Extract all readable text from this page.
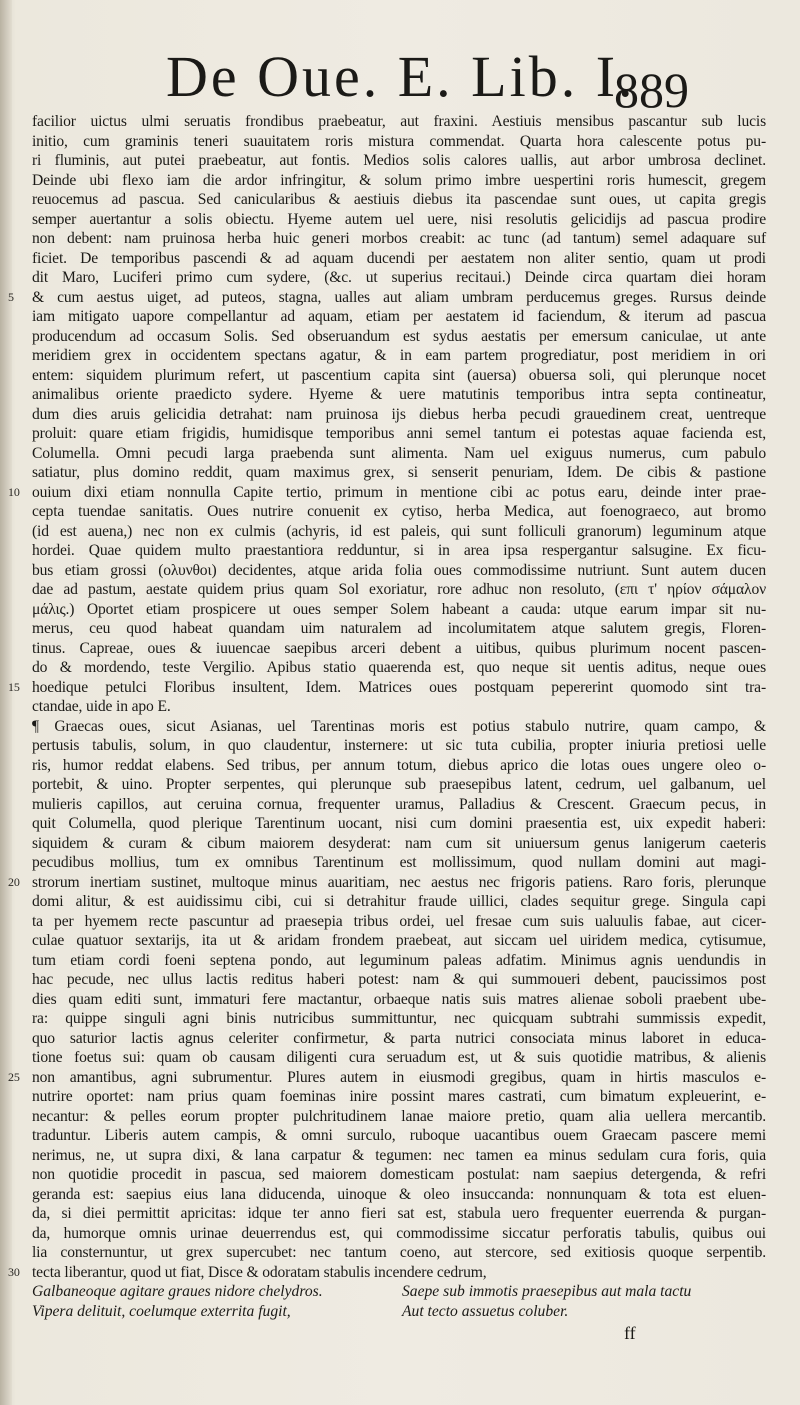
De Oue. E. Lib. I.
889
facilior uictus ulmi seruatis frondibus praebeatur, aut fraxini. Aestiuis mensibus pascantur sub lucis
initio, cum graminis teneri suauitatem roris mistura commendat. Quarta hora calescente potus pu-
ri fluminis, aut putei praebeatur, aut fontis. Medios solis calores uallis, aut arbor umbrosa declinet.
Deinde ubi flexo iam die ardor infringitur, & solum primo imbre uespertini roris humescit, gregem
reuocemus ad pascua. Sed canicularibus & aestiuis diebus ita pascendae sunt oues, ut capita gregis
semper auertantur a solis obiectu. Hyeme autem uel uere, nisi resolutis gelicidijs ad pascua prodire
non debent: nam pruinosa herba huic generi morbos creabit: ac tunc (ad tantum) semel adaquare suf
ficiet. De temporibus pascendi & ad aquam ducendi per aestatem non aliter sentio, quam ut prodi
dit Maro, Luciferi primo cum sydere, (&c. ut superius recitaui.) Deinde circa quartam diei horam
& cum aestus uiget, ad puteos, stagna, ualles aut aliam umbram perducemus greges. Rursus deinde
5
iam mitigato uapore compellantur ad aquam, etiam per aestatem id faciendum, & iterum ad pascua
producendum ad occasum Solis. Sed obseruandum est sydus aestatis per emersum caniculae, ut ante
meridiem grex in occidentem spectans agatur, & in eam partem progrediatur, post meridiem in ori
entem: siquidem plurimum refert, ut pascentium capita sint (auersa) obuersa soli, qui plerunque nocet
animalibus oriente praedicto sydere. Hyeme & uere matutinis temporibus intra septa contineatur,
dum dies aruis gelicidia detrahat: nam pruinosa ijs diebus herba pecudi grauedinem creat, uentreque
proluit: quare etiam frigidis, humidisque temporibus anni semel tantum ei potestas aquae facienda est,
Columella. Omni pecudi larga praebenda sunt alimenta. Nam uel exiguus numerus, cum pabulo
satiatur, plus domino reddit, quam maximus grex, si senserit penuriam, Idem. De cibis & pastione
ouium dixi etiam nonnulla Capite tertio, primum in mentione cibi ac potus earu, deinde inter prae-
10
cepta tuendae sanitatis. Oues nutrire conuenit ex cytiso, herba Medica, aut foenograeco, aut bromo
(id est auena,) nec non ex culmis (achyris, id est paleis, qui sunt folliculi granorum) leguminum atque
hordei. Quae quidem multo praestantiora redduntur, si in area ipsa respergantur salsugine. Ex ficu-
bus etiam grossi (ολυνθοι) decidentes, atque arida folia oues commodissime nutriunt. Sunt autem ducen
dae ad pastum, aestate quidem prius quam Sol exoriatur, rore adhuc non resoluto, (επι τ' ηρίον σάμαλον
μάλις.) Oportet etiam prospicere ut oues semper Solem habeant a cauda: utque earum impar sit nu-
merus, ceu quod habeat quandam uim naturalem ad incolumitatem atque salutem gregis, Floren-
tinus. Capreae, oues & iuuencae saepibus arceri debent a uitibus, quibus plurimum nocent pascen-
do & mordendo, teste Vergilio. Apibus statio quaerenda est, quo neque sit uentis aditus, neque oues
hoedique petulci Floribus insultent, Idem. Matrices oues postquam pepererint quomodo sint tra-
15
ctandae, uide in apo E.
¶ Graecas oues, sicut Asianas, uel Tarentinas moris est potius stabulo nutrire, quam campo, &
pertusis tabulis, solum, in quo claudentur, insternere: ut sic tuta cubilia, propter iniuria pretiosi uelle
ris, humor reddat elabens. Sed tribus, per annum totum, diebus aprico die lotas oues ungere oleo o-
portebit, & uino. Propter serpentes, qui plerunque sub praesepibus latent, cedrum, uel galbanum, uel
mulieris capillos, aut ceruina cornua, frequenter uramus, Palladius & Crescent. Graecum pecus, in
quit Columella, quod plerique Tarentinum uocant, nisi cum domini praesentia est, uix expedit haberi:
siquidem & curam & cibum maiorem desyderat: nam cum sit uniuersum genus lanigerum caeteris
pecudibus mollius, tum ex omnibus Tarentinum est mollissimum, quod nullam domini aut magi-
strorum inertiam sustinet, multoque minus auaritiam, nec aestus nec frigoris patiens. Raro foris, plerunque
20
domi alitur, & est auidissimu cibi, cui si detrahitur fraude uillici, clades sequitur grege. Singula capi
ta per hyemem recte pascuntur ad praesepia tribus ordei, uel fresae cum suis ualuulis fabae, aut cicer-
culae quatuor sextarijs, ita ut & aridam frondem praebeat, aut siccam uel uiridem medica, cytisumue,
tum etiam cordi foeni septena pondo, aut leguminum paleas adfatim. Minimus agnis uendundis in
hac pecude, nec ullus lactis reditus haberi potest: nam & qui summoueri debent, paucissimos post
dies quam editi sunt, immaturi fere mactantur, orbaeque natis suis matres alienae soboli praebent ube-
ra: quippe singuli agni binis nutricibus summittuntur, nec quicquam subtrahi summissis expedit,
quo saturior lactis agnus celeriter confirmetur, & parta nutrici consociata minus laboret in educa-
tione foetus sui: quam ob causam diligenti cura seruadum est, ut & suis quotidie matribus, & alienis
non amantibus, agni subrumentur. Plures autem in eiusmodi gregibus, quam in hirtis masculos e-
25
nutrire oportet: nam prius quam foeminas inire possint mares castrati, cum bimatum expleuerint, e-
necantur: & pelles eorum propter pulchritudinem lanae maiore pretio, quam alia uellera mercantib.
traduntur. Liberis autem campis, & omni surculo, ruboque uacantibus ouem Graecam pascere memi
nerimus, ne, ut supra dixi, & lana carpatur & tegumen: nec tamen ea minus sedulam cura foris, quia
non quotidie procedit in pascua, sed maiorem domesticam postulat: nam saepius detergenda, & refri
geranda est: saepius eius lana diducenda, uinoque & oleo insuccanda: nonnunquam & tota est eluen-
da, si diei permittit apricitas: idque ter anno fieri sat est, stabula uero frequenter euerrenda & purgan-
da, humorque omnis urinae deuerrendus est, qui commodissime siccatur perforatis tabulis, quibus oui
lia consternuntur, ut grex supercubet: nec tantum coeno, aut stercore, sed exitiosis quoque serpentib.
tecta liberantur, quod ut fiat, Disce & odoratam stabulis incendere cedrum,
30
Galbaneoque agitare graues nidore chelydros.	Saepe sub immotis praesepibus aut mala tactu
Vipera delituit, coelumque exterrita fugit,	Aut tecto assuetus coluber.
ff
